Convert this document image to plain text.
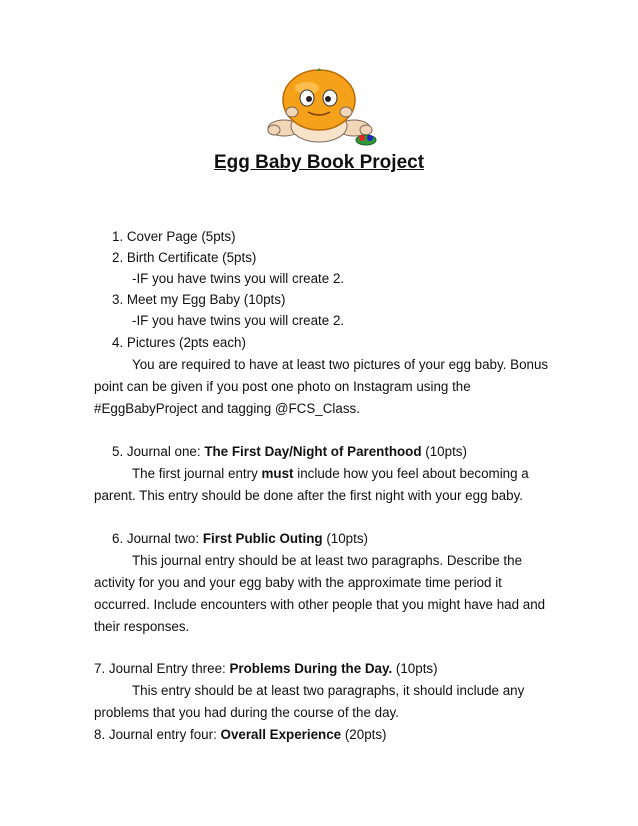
Egg Baby Book Project
1. Cover Page (5pts)
2. Birth Certificate (5pts)
-IF you have twins you will create 2.
3. Meet my Egg Baby (10pts)
-IF you have twins you will create 2.
4. Pictures (2pts each)
You are required to have at least two pictures of your egg baby. Bonus
point can be given if you post one photo on Instagram using the
#EggBabyProject and tagging @FCS_Class.
5. Journal one: The First Day/Night of Parenthood (10pts)
The first journal entry must include how you feel about becoming a
parent. This entry should be done after the first night with your egg baby.
6. Journal two: First Public Outing (10pts)
This journal entry should be at least two paragraphs. Describe the
activity for you and your egg baby with the approximate time period it
occurred. Include encounters with other people that you might have had and
their responses.
7. Journal Entry three: Problems During the Day. (10pts)
This entry should be at least two paragraphs, it should include any
problems that you had during the course of the day.
8. Journal entry four: Overall Experience (20pts)
